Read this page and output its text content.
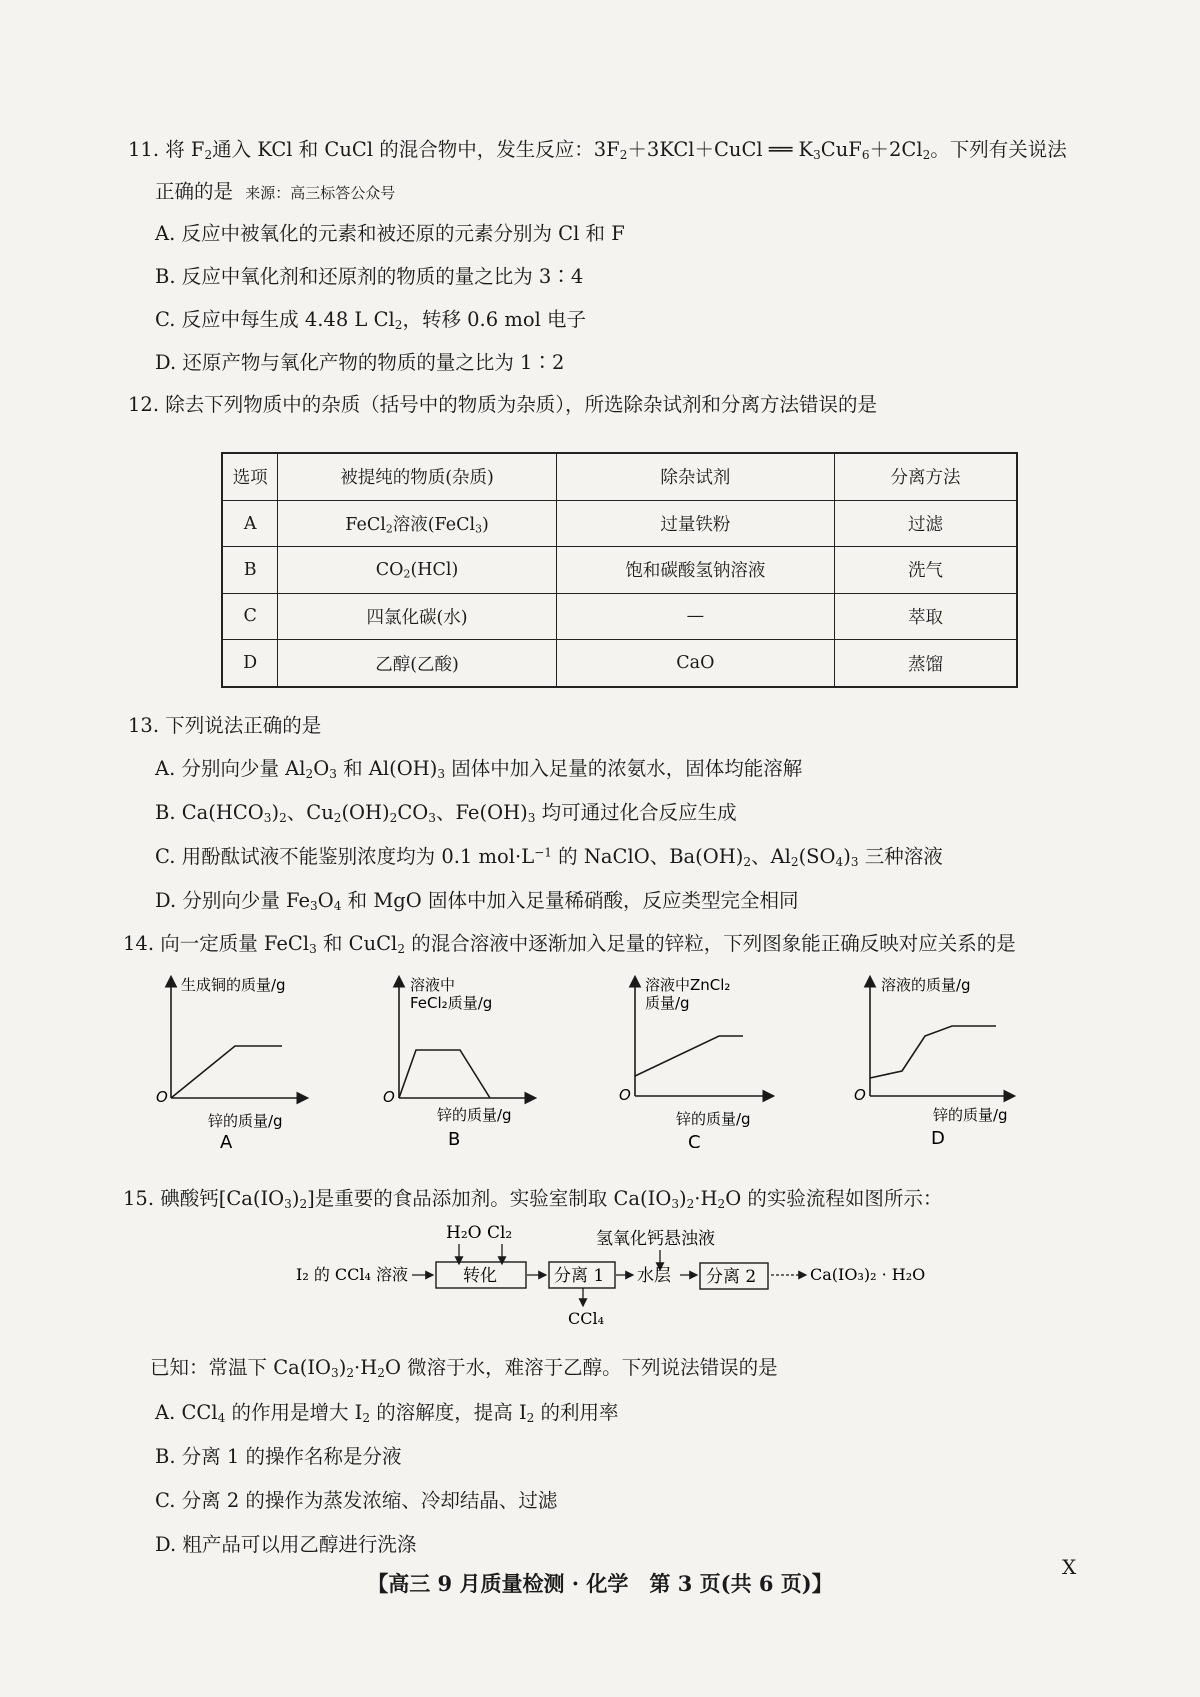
11. 将 $F_2$通入 KCl 和 CuCl 的混合物中，发生反应：$3F_2+3KCl+CuCl$ ══ $K_3CuF_6+2Cl_2$。下列有关说法
正确的是 来源：高三标答公众号
A. 反应中被氧化的元素和被还原的元素分别为 Cl 和 F
B. 反应中氧化剂和还原剂的物质的量之比为 3∶4
C. 反应中每生成 4.48 L $Cl_2$，转移 0.6 mol 电子
D. 还原产物与氧化产物的物质的量之比为 1∶2
12. 除去下列物质中的杂质（括号中的物质为杂质），所选除杂试剂和分离方法错误的是
选项	被提纯的物质(杂质)	除杂试剂	分离方法
A	FeCl$_2$溶液(FeCl$_3$)	过量铁粉	过滤
B	$CO_2(HCl)$	饱和碳酸氢钠溶液	洗气
C	四氯化碳(水)	—	萃取
D	乙醇(乙酸)	CaO	蒸馏
13. 下列说法正确的是
A. 分别向少量 $Al_2O_3$ 和 $Al(OH)_3$ 固体中加入足量的浓氨水，固体均能溶解
B. $Ca(HCO_3)_2$、$Cu_2(OH)_2CO_3$、$Fe(OH)_3$ 均可通过化合反应生成
C. 用酚酞试液不能鉴别浓度均为 0.1 $mol\cdot L^{-1}$ 的 NaClO、$Ba(OH)_2$、$Al_2(SO_4)_3$ 三种溶液
D. 分别向少量 $Fe_3O_4$ 和 MgO 固体中加入足量稀硝酸，反应类型完全相同
14. 向一定质量 FeCl$_3$ 和 CuCl$_2$ 的混合溶液中逐渐加入足量的锌粒，下列图象能正确反映对应关系的是
生成铜的质量/g
O
锌的质量/g
A
溶液中
FeCl₂质量/g
O
锌的质量/g
B
溶液中ZnCl₂
质量/g
O
锌的质量/g
C
溶液的质量/g
O
锌的质量/g
D
15. 碘酸钙$[Ca(IO_3)_2]$是重要的食品添加剂。实验室制取 $Ca(IO_3)_2\cdot H_2O$ 的实验流程如图所示：
H₂O Cl₂	氢氧化钙悬浊液
I₂ 的 CCl₄ 溶液	转化	分离 1
CCl₄
水层 分离 2	Ca(IO₃)₂ · H₂O
已知：常温下 $Ca(IO_3)_2\cdot H_2O$ 微溶于水，难溶于乙醇。下列说法错误的是
A. CCl$_4$ 的作用是增大 $I_2$ 的溶解度，提高 $I_2$ 的利用率
B. 分离 1 的操作名称是分液
C. 分离 2 的操作为蒸发浓缩、冷却结晶、过滤
D. 粗产品可以用乙醇进行洗涤
X
【高三 9 月质量检测 · 化学　第 3 页(共 6 页)】
